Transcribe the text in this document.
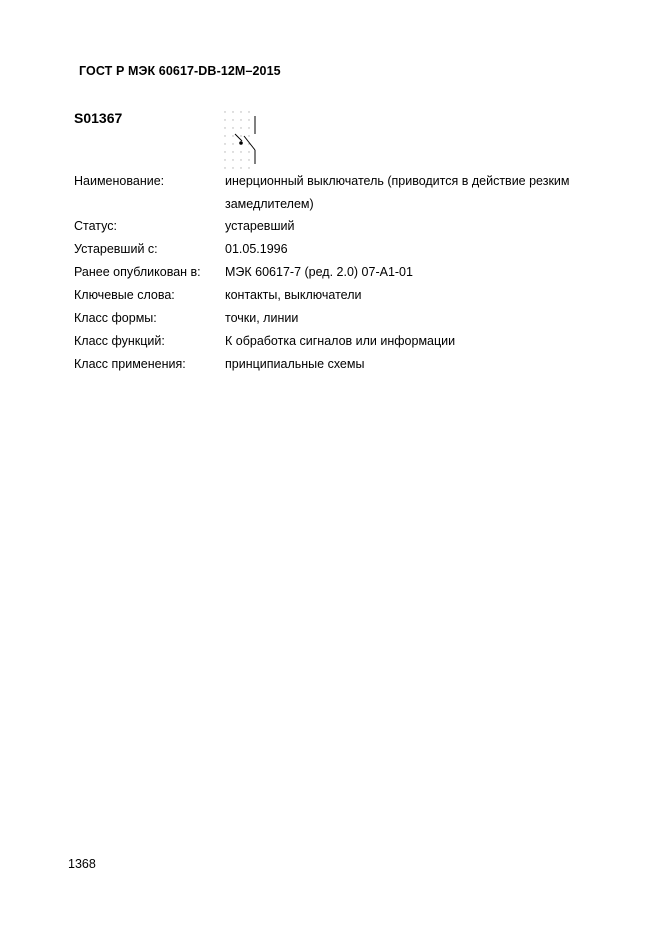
ГОСТ Р МЭК 60617-DB-12M–2015
S01367
Наименование:	инерционный выключатель (приводится в действие резким замедлителем)
Статус:	устаревший
Устаревший с:	01.05.1996
Ранее опубликован в: МЭК 60617-7 (ред. 2.0) 07-A1-01
Ключевые слова:	контакты, выключатели
Класс формы:	точки, линии
Класс функций:	К обработка сигналов или информации
Класс применения:	принципиальные схемы
1368
